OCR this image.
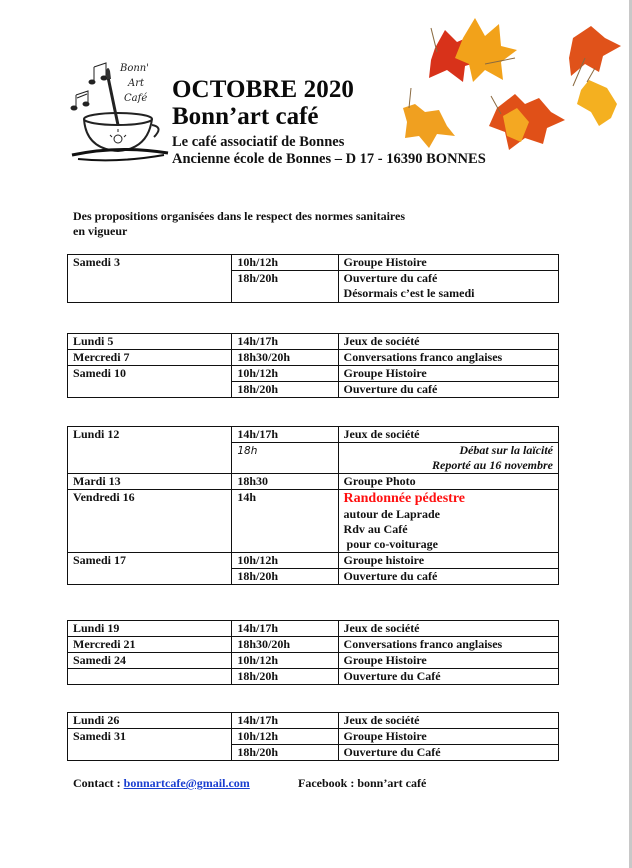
Bonn'
Art
Café OCTOBRE 2020
Bonn’art café
Le café associatif de Bonnes
Ancienne école de Bonnes – D 17 - 16390 BONNES
Des propositions organisées dans le respect des normes sanitaires
en vigueur
Samedi 3	10h/12h	Groupe Histoire
	18h/20h	Ouverture du café
Désormais c’est le samedi
Lundi 5	14h/17h	Jeux de société
Mercredi 7	18h30/20h	Conversations franco anglaises
Samedi 10	10h/12h	Groupe Histoire
	18h/20h	Ouverture du café
Lundi 12	14h/17h	Jeux de société
	18h	Débat sur la laïcité
Reporté au 16 novembre

Mardi 13	18h30	Groupe Photo
Vendredi 16	14h	Randonnée pédestre
autour de Laprade
Rdv au Café
pour co-voiturage

Samedi 17	10h/12h	Groupe histoire
	18h/20h	Ouverture du café
Lundi 19	14h/17h	Jeux de société
Mercredi 21	18h30/20h	Conversations franco anglaises
Samedi 24	10h/12h	Groupe Histoire
	18h/20h	Ouverture du Café
Lundi 26	14h/17h	Jeux de société
Samedi 31	10h/12h	Groupe Histoire
	18h/20h	Ouverture du Café
Contact : bonnartcafe@gmail.com	Facebook : bonn’art café
